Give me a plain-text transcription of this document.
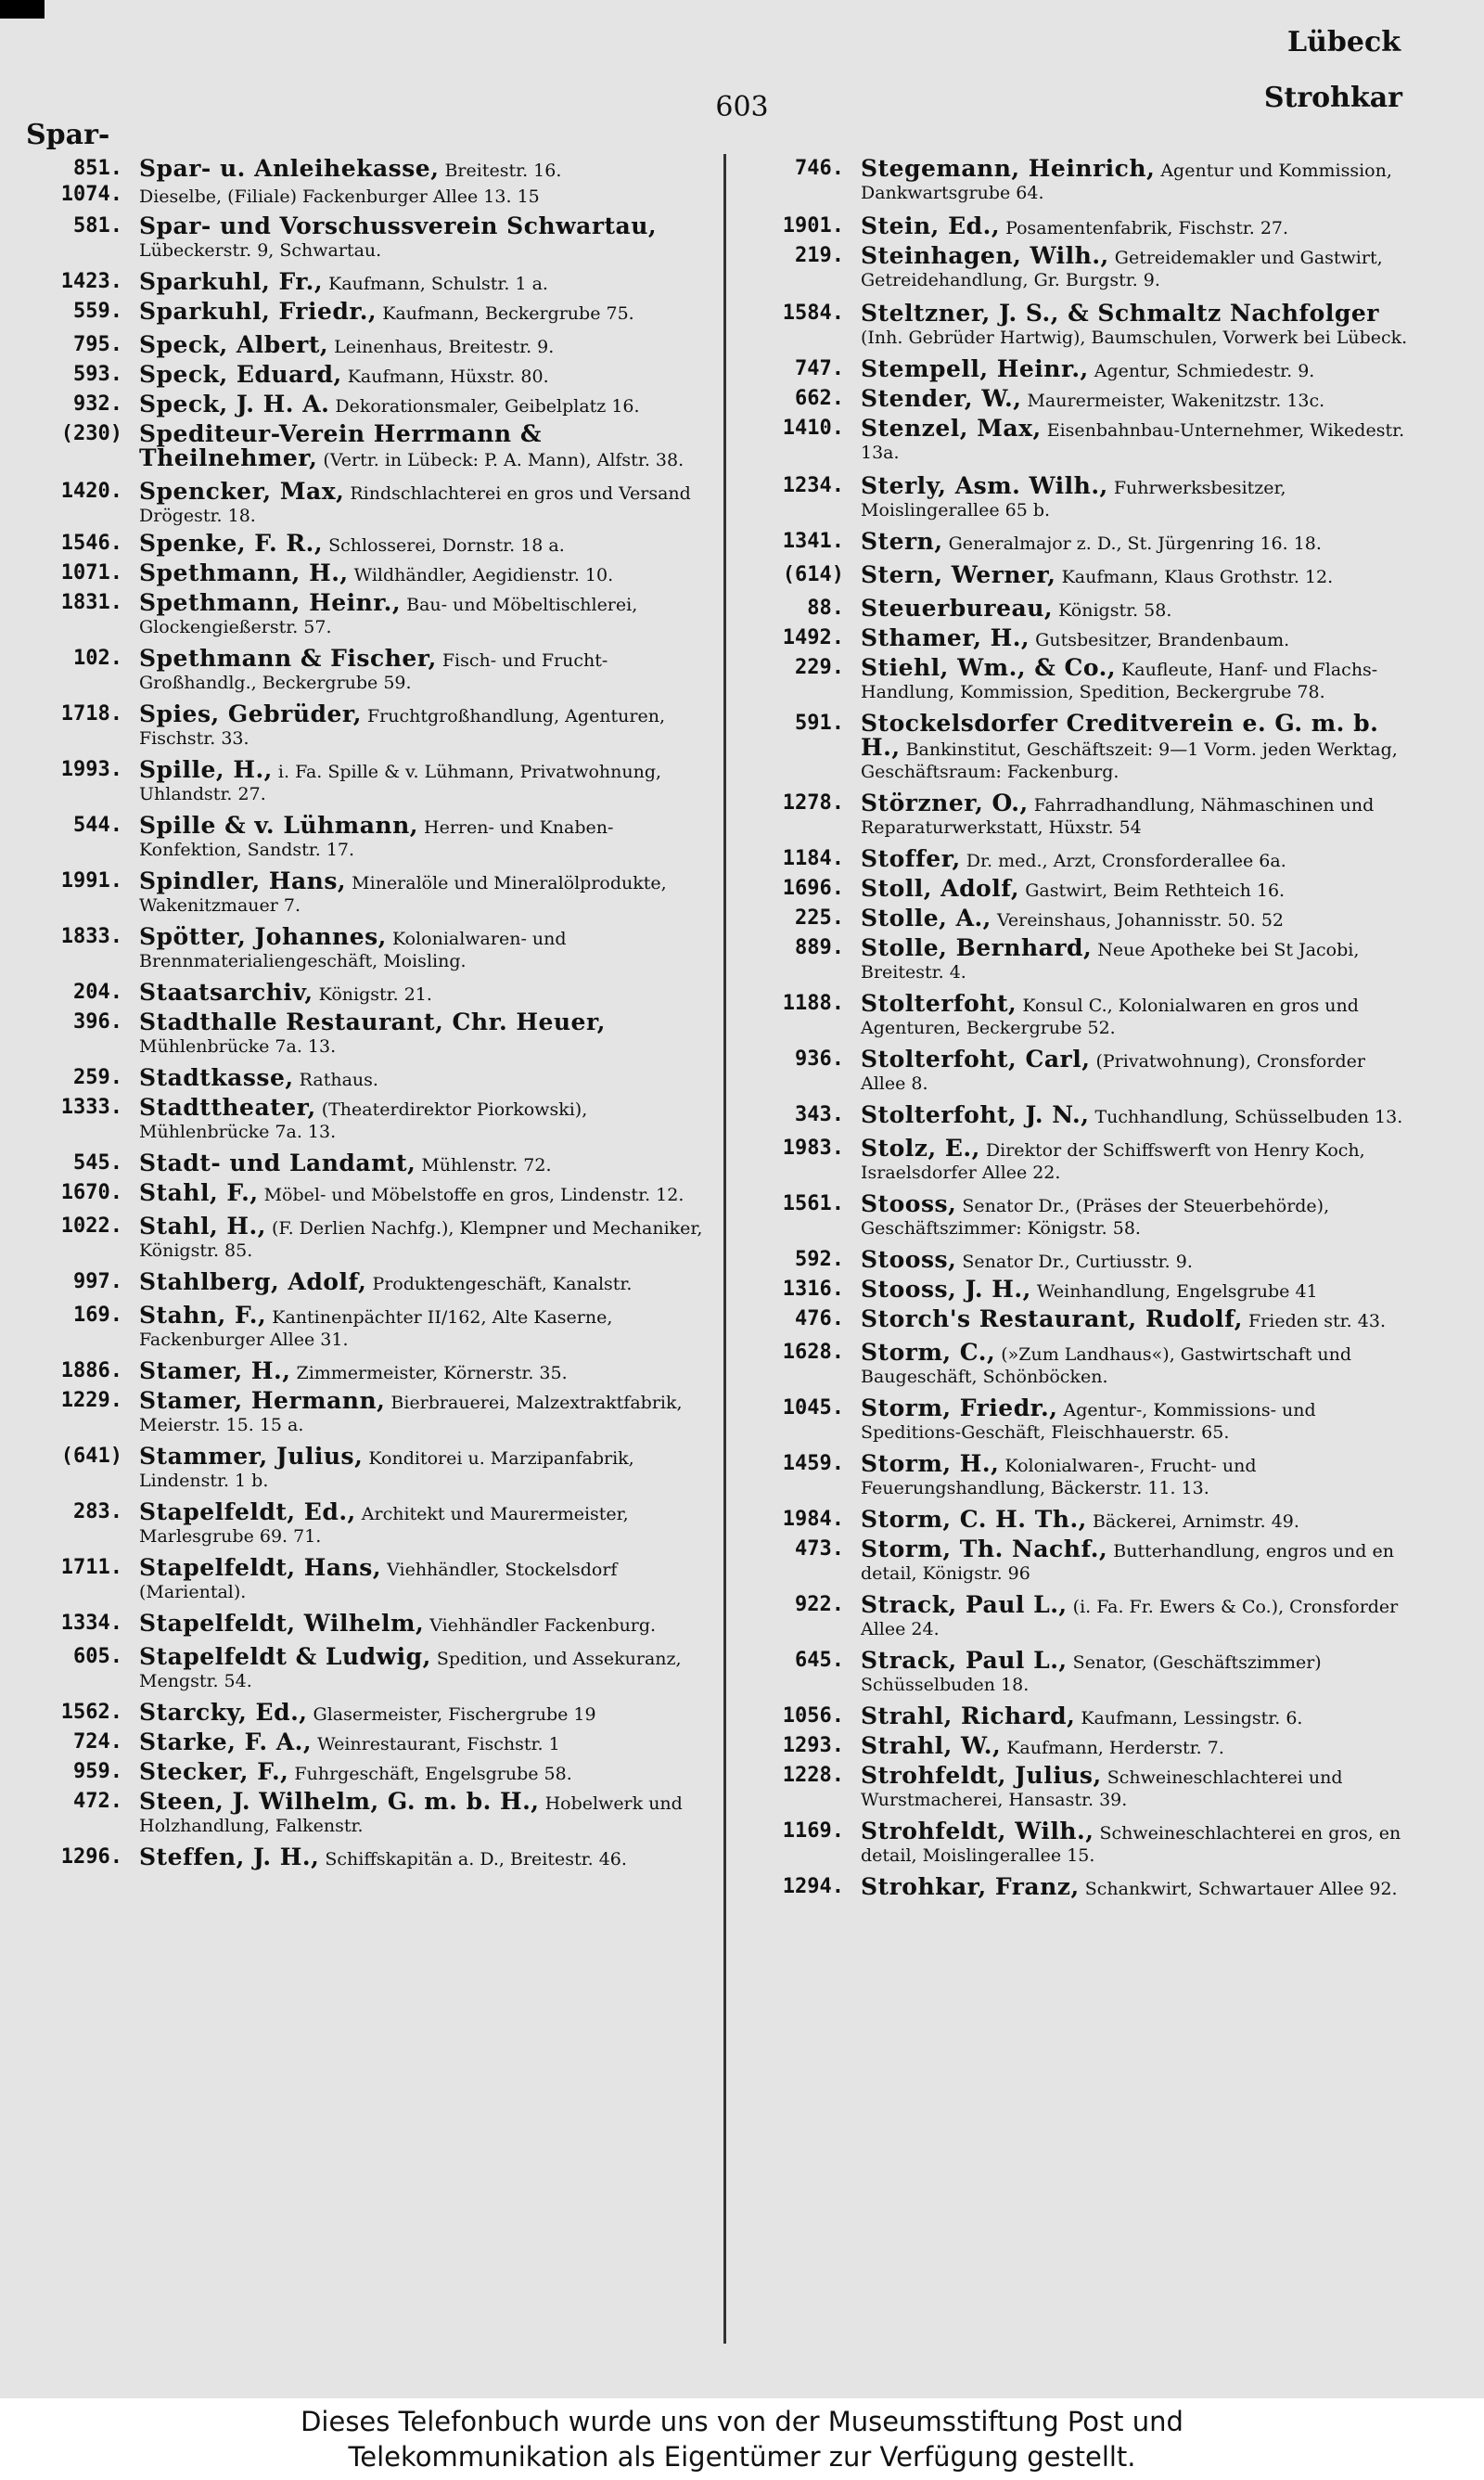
Lübeck
Strohkar
603
Spar-
851. Spar- u. Anleihekasse, Breitestr. 16.
1074. Dieselbe, (Filiale) Fackenburger Allee 13. 15
581. Spar- und Vorschussverein Schwartau, Lübeckerstr. 9, Schwartau.
1423. Sparkuhl, Fr., Kaufmann, Schulstr. 1 a.
559. Sparkuhl, Friedr., Kaufmann, Beckergrube 75.
795. Speck, Albert, Leinenhaus, Breitestr. 9.
593. Speck, Eduard, Kaufmann, Hüxstr. 80.
932. Speck, J. H. A. Dekorationsmaler, Geibelplatz 16.
(230) Spediteur-Verein Herrmann & Theilnehmer, (Vertr. in Lübeck: P. A. Mann), Alfstr. 38.
1420. Spencker, Max, Rindschlachterei en gros und Versand Drögestr. 18.
1546. Spenke, F. R., Schlosserei, Dornstr. 18 a.
1071. Spethmann, H., Wildhändler, Aegidienstr. 10.
1831. Spethmann, Heinr., Bau- und Möbeltischlerei, Glockengießerstr. 57.
102. Spethmann & Fischer, Fisch- und Frucht-Großhandlg., Beckergrube 59.
1718. Spies, Gebrüder, Fruchtgroßhandlung, Agenturen, Fischstr. 33.
1993. Spille, H., i. Fa. Spille & v. Lühmann, Privatwohnung, Uhlandstr. 27.
544. Spille & v. Lühmann, Herren- und Knaben-Konfektion, Sandstr. 17.
1991. Spindler, Hans, Mineralöle und Mineralölprodukte, Wakenitzmauer 7.
1833. Spötter, Johannes, Kolonialwaren- und Brennmaterialiengeschäft, Moisling.
204. Staatsarchiv, Königstr. 21.
396. Stadthalle Restaurant, Chr. Heuer, Mühlenbrücke 7a. 13.
259. Stadtkasse, Rathaus.
1333. Stadttheater, (Theaterdirektor Piorkowski), Mühlenbrücke 7a. 13.
545. Stadt- und Landamt, Mühlenstr. 72.
1670. Stahl, F., Möbel- und Möbelstoffe en gros, Lindenstr. 12.
1022. Stahl, H., (F. Derlien Nachfg.), Klempner und Mechaniker, Königstr. 85.
997. Stahlberg, Adolf, Produktengeschäft, Kanalstr.
169. Stahn, F., Kantinenpächter II/162, Alte Kaserne, Fackenburger Allee 31.
1886. Stamer, H., Zimmermeister, Körnerstr. 35.
1229. Stamer, Hermann, Bierbrauerei, Malzextraktfabrik, Meierstr. 15. 15 a.
(641) Stammer, Julius, Konditorei u. Marzipanfabrik, Lindenstr. 1 b.
283. Stapelfeldt, Ed., Architekt und Maurermeister, Marlesgrube 69. 71.
1711. Stapelfeldt, Hans, Viehhändler, Stockelsdorf (Mariental).
1334. Stapelfeldt, Wilhelm, Viehhändler Fackenburg.
605. Stapelfeldt & Ludwig, Spedition, und Assekuranz, Mengstr. 54.
1562. Starcky, Ed., Glasermeister, Fischergrube 19
724. Starke, F. A., Weinrestaurant, Fischstr. 1
959. Stecker, F., Fuhrgeschäft, Engelsgrube 58.
472. Steen, J. Wilhelm, G. m. b. H., Hobelwerk und Holzhandlung, Falkenstr.
1296. Steffen, J. H., Schiffskapitän a. D., Breitestr. 46.
746. Stegemann, Heinrich, Agentur und Kommission, Dankwartsgrube 64.
1901. Stein, Ed., Posamentenfabrik, Fischstr. 27.
219. Steinhagen, Wilh., Getreidemakler und Gastwirt, Getreidehandlung, Gr. Burgstr. 9.
1584. Steltzner, J. S., & Schmaltz Nachfolger (Inh. Gebrüder Hartwig), Baumschulen, Vorwerk bei Lübeck.
747. Stempell, Heinr., Agentur, Schmiedestr. 9.
662. Stender, W., Maurermeister, Wakenitzstr. 13c.
1410. Stenzel, Max, Eisenbahnbau-Unternehmer, Wikedestr. 13a.
1234. Sterly, Asm. Wilh., Fuhrwerksbesitzer, Moislingerallee 65 b.
1341. Stern, Generalmajor z. D., St. Jürgenring 16. 18.
(614) Stern, Werner, Kaufmann, Klaus Grothstr. 12.
88. Steuerbureau, Königstr. 58.
1492. Sthamer, H., Gutsbesitzer, Brandenbaum.
229. Stiehl, Wm., & Co., Kaufleute, Hanf- und Flachs-Handlung, Kommission, Spedition, Beckergrube 78.
591. Stockelsdorfer Creditverein e. G. m. b. H., Bankinstitut, Geschäftszeit: 9—1 Vorm. jeden Werktag, Geschäftsraum: Fackenburg.
1278. Störzner, O., Fahrradhandlung, Nähmaschinen und Reparaturwerkstatt, Hüxstr. 54
1184. Stoffer, Dr. med., Arzt, Cronsforderallee 6a.
1696. Stoll, Adolf, Gastwirt, Beim Rethteich 16.
225. Stolle, A., Vereinshaus, Johannisstr. 50. 52
889. Stolle, Bernhard, Neue Apotheke bei St Jacobi, Breitestr. 4.
1188. Stolterfoht, Konsul C., Kolonialwaren en gros und Agenturen, Beckergrube 52.
936. Stolterfoht, Carl, (Privatwohnung), Cronsforder Allee 8.
343. Stolterfoht, J. N., Tuchhandlung, Schüsselbuden 13.
1983. Stolz, E., Direktor der Schiffswerft von Henry Koch, Israelsdorfer Allee 22.
1561. Stooss, Senator Dr., (Präses der Steuerbehörde), Geschäftszimmer: Königstr. 58.
592. Stooss, Senator Dr., Curtiusstr. 9.
1316. Stooss, J. H., Weinhandlung, Engelsgrube 41
476. Storch's Restaurant, Rudolf, Frieden str. 43.
1628. Storm, C., (»Zum Landhaus«), Gastwirtschaft und Baugeschäft, Schönböcken.
1045. Storm, Friedr., Agentur-, Kommissions- und Speditions-Geschäft, Fleischhauerstr. 65.
1459. Storm, H., Kolonialwaren-, Frucht- und Feuerungshandlung, Bäckerstr. 11. 13.
1984. Storm, C. H. Th., Bäckerei, Arnimstr. 49.
473. Storm, Th. Nachf., Butterhandlung, engros und en detail, Königstr. 96
922. Strack, Paul L., (i. Fa. Fr. Ewers & Co.), Cronsforder Allee 24.
645. Strack, Paul L., Senator, (Geschäftszimmer) Schüsselbuden 18.
1056. Strahl, Richard, Kaufmann, Lessingstr. 6.
1293. Strahl, W., Kaufmann, Herderstr. 7.
1228. Strohfeldt, Julius, Schweineschlachterei und Wurstmacherei, Hansastr. 39.
1169. Strohfeldt, Wilh., Schweineschlachterei en gros, en detail, Moislingerallee 15.
1294. Strohkar, Franz, Schankwirt, Schwartauer Allee 92.
Dieses Telefonbuch wurde uns von der Museumsstiftung Post und
Telekommunikation als Eigentümer zur Verfügung gestellt.
